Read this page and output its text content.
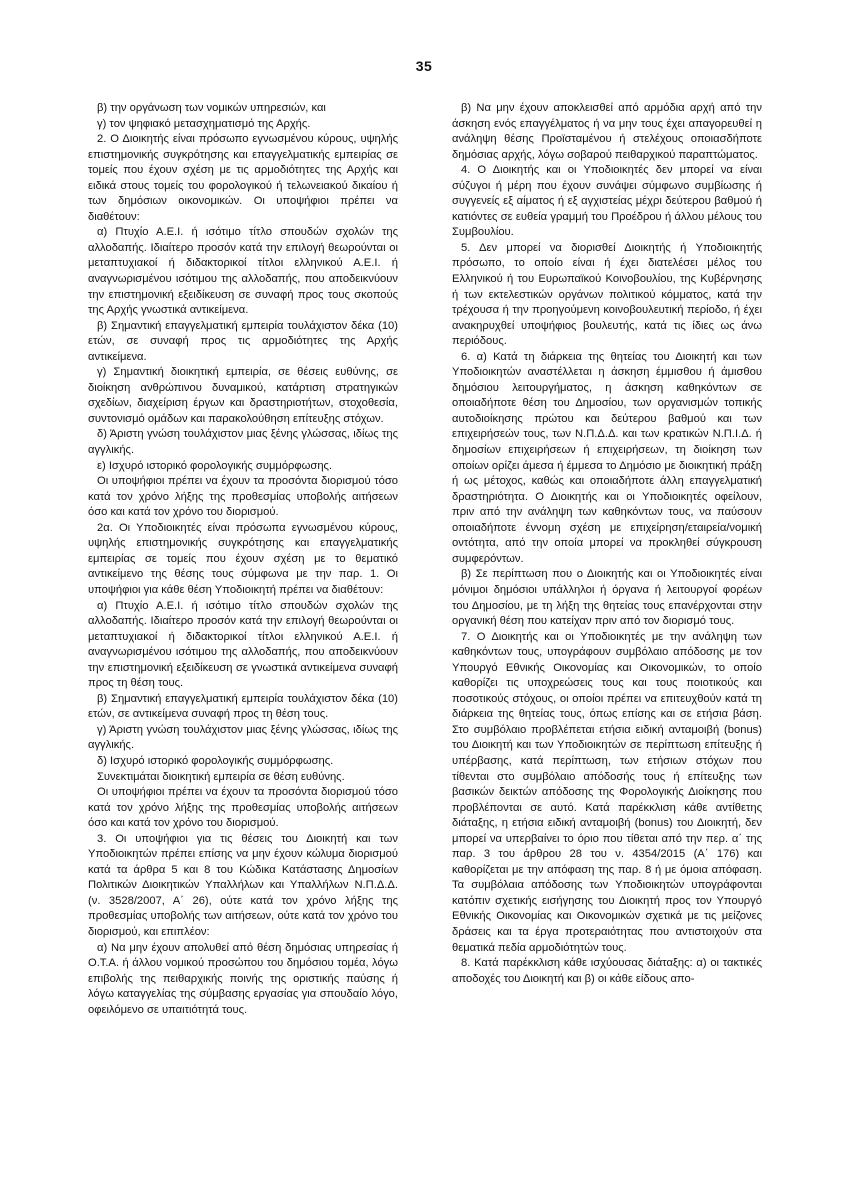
35

β) την οργάνωση των νομικών υπηρεσιών, και

γ) τον ψηφιακό μετασχηματισμό της Αρχής.

2. Ο Διοικητής είναι πρόσωπο εγνωσμένου κύρους, υψηλής επιστημονικής συγκρότησης και επαγγελματικής εμπειρίας σε τομείς που έχουν σχέση με τις αρμοδιότητες της Αρχής και ειδικά στους τομείς του φορολογικού ή τελωνειακού δικαίου ή των δημόσιων οικονομικών. Οι υποψήφιοι πρέπει να διαθέτουν:

α) Πτυχίο Α.Ε.Ι. ή ισότιμο τίτλο σπουδών σχολών της αλλοδαπής. Ιδιαίτερο προσόν κατά την επιλογή θεωρούνται οι μεταπτυχιακοί ή διδακτορικοί τίτλοι ελληνικού Α.Ε.Ι. ή αναγνωρισμένου ισότιμου της αλλοδαπής, που αποδεικνύουν την επιστημονική εξειδίκευση σε συναφή προς τους σκοπούς της Αρχής γνωστικά αντικείμενα.

β) Σημαντική επαγγελματική εμπειρία τουλάχιστον δέκα (10) ετών, σε συναφή προς τις αρμοδιότητες της Αρχής αντικείμενα.

γ) Σημαντική διοικητική εμπειρία, σε θέσεις ευθύνης, σε διοίκηση ανθρώπινου δυναμικού, κατάρτιση στρατηγικών σχεδίων, διαχείριση έργων και δραστηριοτήτων, στοχοθεσία, συντονισμό ομάδων και παρακολούθηση επίτευξης στόχων.

δ) Άριστη γνώση τουλάχιστον μιας ξένης γλώσσας, ιδίως της αγγλικής.

ε) Ισχυρό ιστορικό φορολογικής συμμόρφωσης.

Οι υποψήφιοι πρέπει να έχουν τα προσόντα διορισμού τόσο κατά τον χρόνο λήξης της προθεσμίας υποβολής αιτήσεων όσο και κατά τον χρόνο του διορισμού.

2α. Οι Υποδιοικητές είναι πρόσωπα εγνωσμένου κύρους, υψηλής επιστημονικής συγκρότησης και επαγγελματικής εμπειρίας σε τομείς που έχουν σχέση με το θεματικό αντικείμενο της θέσης τους σύμφωνα με την παρ. 1. Οι υποψήφιοι για κάθε θέση Υποδιοικητή πρέπει να διαθέτουν:

α) Πτυχίο Α.Ε.Ι. ή ισότιμο τίτλο σπουδών σχολών της αλλοδαπής. Ιδιαίτερο προσόν κατά την επιλογή θεωρούνται οι μεταπτυχιακοί ή διδακτορικοί τίτλοι ελληνικού Α.Ε.Ι. ή αναγνωρισμένου ισότιμου της αλλοδαπής, που αποδεικνύουν την επιστημονική εξειδίκευση σε γνωστικά αντικείμενα συναφή προς τη θέση τους.

β) Σημαντική επαγγελματική εμπειρία τουλάχιστον δέκα (10) ετών, σε αντικείμενα συναφή προς τη θέση τους.

γ) Άριστη γνώση τουλάχιστον μιας ξένης γλώσσας, ιδίως της αγγλικής.

δ) Ισχυρό ιστορικό φορολογικής συμμόρφωσης.

Συνεκτιμάται διοικητική εμπειρία σε θέση ευθύνης.

Οι υποψήφιοι πρέπει να έχουν τα προσόντα διορισμού τόσο κατά τον χρόνο λήξης της προθεσμίας υποβολής αιτήσεων όσο και κατά τον χρόνο του διορισμού.

3. Οι υποψήφιοι για τις θέσεις του Διοικητή και των Υποδιοικητών πρέπει επίσης να μην έχουν κώλυμα διορισμού κατά τα άρθρα 5 και 8 του Κώδικα Κατάστασης Δημοσίων Πολιτικών Διοικητικών Υπαλλήλων και Υπαλλήλων Ν.Π.Δ.Δ. (ν. 3528/2007, Α΄ 26), ούτε κατά τον χρόνο λήξης της προθεσμίας υποβολής των αιτήσεων, ούτε κατά τον χρόνο του διορισμού, και επιπλέον:

α) Να μην έχουν απολυθεί από θέση δημόσιας υπηρεσίας ή Ο.Τ.Α. ή άλλου νομικού προσώπου του δημόσιου τομέα, λόγω επιβολής της πειθαρχικής ποινής της οριστικής παύσης ή λόγω καταγγελίας της σύμβασης εργασίας για σπουδαίο λόγο, οφειλόμενο σε υπαιτιότητά τους.

β) Να μην έχουν αποκλεισθεί από αρμόδια αρχή από την άσκηση ενός επαγγέλματος ή να μην τους έχει απαγορευθεί η ανάληψη θέσης Προϊσταμένου ή στελέχους οποιασδήποτε δημόσιας αρχής, λόγω σοβαρού πειθαρχικού παραπτώματος.

4. Ο Διοικητής και οι Υποδιοικητές δεν μπορεί να είναι σύζυγοι ή μέρη που έχουν συνάψει σύμφωνο συμβίωσης ή συγγενείς εξ αίματος ή εξ αγχιστείας μέχρι δεύτερου βαθμού ή κατιόντες σε ευθεία γραμμή του Προέδρου ή άλλου μέλους του Συμβουλίου.

5. Δεν μπορεί να διορισθεί Διοικητής ή Υποδιοικητής πρόσωπο, το οποίο είναι ή έχει διατελέσει μέλος του Ελληνικού ή του Ευρωπαϊκού Κοινοβουλίου, της Κυβέρνησης ή των εκτελεστικών οργάνων πολιτικού κόμματος, κατά την τρέχουσα ή την προηγούμενη κοινοβουλευτική περίοδο, ή έχει ανακηρυχθεί υποψήφιος βουλευτής, κατά τις ίδιες ως άνω περιόδους.

6. α) Κατά τη διάρκεια της θητείας του Διοικητή και των Υποδιοικητών αναστέλλεται η άσκηση έμμισθου ή άμισθου δημόσιου λειτουργήματος, η άσκηση καθηκόντων σε οποιαδήποτε θέση του Δημοσίου, των οργανισμών τοπικής αυτοδιοίκησης πρώτου και δεύτερου βαθμού και των επιχειρήσεών τους, των Ν.Π.Δ.Δ. και των κρατικών Ν.Π.Ι.Δ. ή δημοσίων επιχειρήσεων ή επιχειρήσεων, τη διοίκηση των οποίων ορίζει άμεσα ή έμμεσα το Δημόσιο με διοικητική πράξη ή ως μέτοχος, καθώς και οποιαδήποτε άλλη επαγγελματική δραστηριότητα. Ο Διοικητής και οι Υποδιοικητές οφείλουν, πριν από την ανάληψη των καθηκόντων τους, να παύσουν οποιαδήποτε έννομη σχέση με επιχείρηση/εταιρεία/νομική οντότητα, από την οποία μπορεί να προκληθεί σύγκρουση συμφερόντων.

β) Σε περίπτωση που ο Διοικητής και οι Υποδιοικητές είναι μόνιμοι δημόσιοι υπάλληλοι ή όργανα ή λειτουργοί φορέων του Δημοσίου, με τη λήξη της θητείας τους επανέρχονται στην οργανική θέση που κατείχαν πριν από τον διορισμό τους.

7. Ο Διοικητής και οι Υποδιοικητές με την ανάληψη των καθηκόντων τους, υπογράφουν συμβόλαιο απόδοσης με τον Υπουργό Εθνικής Οικονομίας και Οικονομικών, το οποίο καθορίζει τις υποχρεώσεις τους και τους ποιοτικούς και ποσοτικούς στόχους, οι οποίοι πρέπει να επιτευχθούν κατά τη διάρκεια της θητείας τους, όπως επίσης και σε ετήσια βάση. Στο συμβόλαιο προβλέπεται ετήσια ειδική ανταμοιβή (bonus) του Διοικητή και των Υποδιοικητών σε περίπτωση επίτευξης ή υπέρβασης, κατά περίπτωση, των ετήσιων στόχων που τίθενται στο συμβόλαιο απόδοσής τους ή επίτευξης των βασικών δεικτών απόδοσης της Φορολογικής Διοίκησης που προβλέπονται σε αυτό. Κατά παρέκκλιση κάθε αντίθετης διάταξης, η ετήσια ειδική ανταμοιβή (bonus) του Διοικητή, δεν μπορεί να υπερβαίνει το όριο που τίθεται από την περ. α΄ της παρ. 3 του άρθρου 28 του ν. 4354/2015 (Α΄ 176) και καθορίζεται με την απόφαση της παρ. 8 ή με όμοια απόφαση. Τα συμβόλαια απόδοσης των Υποδιοικητών υπογράφονται κατόπιν σχετικής εισήγησης του Διοικητή προς τον Υπουργό Εθνικής Οικονομίας και Οικονομικών σχετικά με τις μείζονες δράσεις και τα έργα προτεραιότητας που αντιστοιχούν στα θεματικά πεδία αρμοδιότητών τους.

8. Κατά παρέκκλιση κάθε ισχύουσας διάταξης: α) οι τακτικές αποδοχές του Διοικητή και β) οι κάθε είδους απο-
